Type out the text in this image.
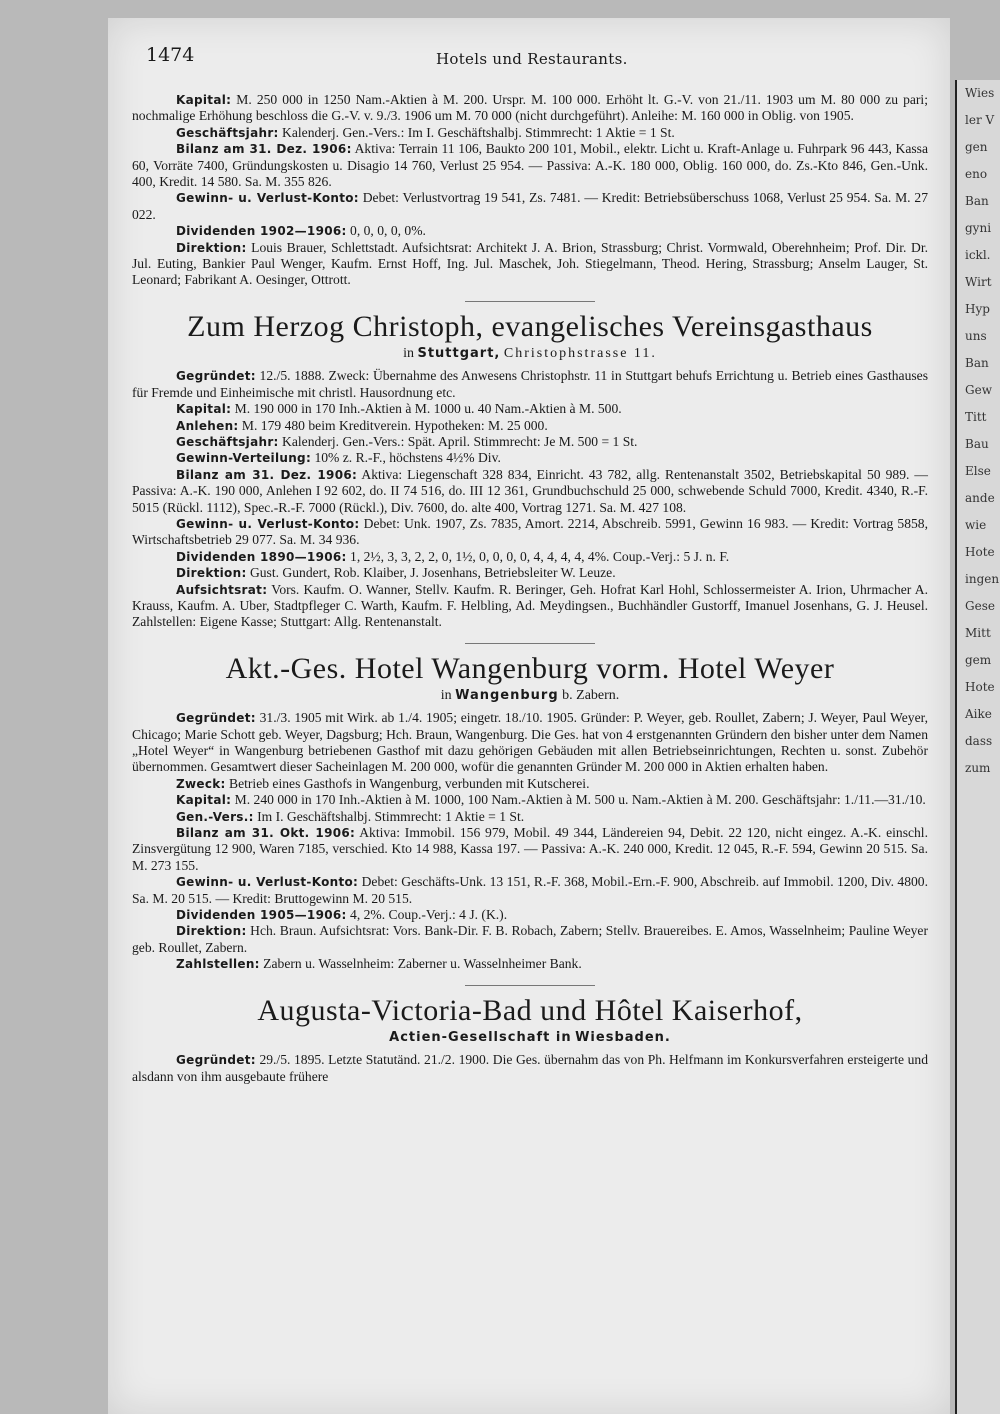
Wies
ler V
gen
eno
Ban
gyni
ickl.
Wirt
Hyp
uns
Ban
Gew
Titt
Bau
Else
ande
wie
Hote
ingen
Gese
Mitt
gem
Hote
Aike
dass
zum
1474	Hotels und Restaurants.

Kapital: M. 250 000 in 1250 Nam.-Aktien à M. 200. Urspr. M. 100 000. Erhöht lt. G.-V. von 21./11. 1903 um M. 80 000 zu pari; nochmalige Erhöhung beschloss die G.-V. v. 9./3. 1906 um M. 70 000 (nicht durchgeführt). Anleihe: M. 160 000 in Oblig. von 1905.

Geschäftsjahr: Kalenderj. Gen.-Vers.: Im I. Geschäftshalbj. Stimmrecht: 1 Aktie = 1 St.

Bilanz am 31. Dez. 1906: Aktiva: Terrain 11 106, Baukto 200 101, Mobil., elektr. Licht u. Kraft-Anlage u. Fuhrpark 96 443, Kassa 60, Vorräte 7400, Gründungskosten u. Disagio 14 760, Verlust 25 954. — Passiva: A.-K. 180 000, Oblig. 160 000, do. Zs.-Kto 846, Gen.-Unk. 400, Kredit. 14 580. Sa. M. 355 826.

Gewinn- u. Verlust-Konto: Debet: Verlustvortrag 19 541, Zs. 7481. — Kredit: Betriebsüberschuss 1068, Verlust 25 954. Sa. M. 27 022.

Dividenden 1902—1906: 0, 0, 0, 0, 0%.

Direktion: Louis Brauer, Schlettstadt. Aufsichtsrat: Architekt J. A. Brion, Strassburg; Christ. Vormwald, Oberehnheim; Prof. Dir. Dr. Jul. Euting, Bankier Paul Wenger, Kaufm. Ernst Hoff, Ing. Jul. Maschek, Joh. Stiegelmann, Theod. Hering, Strassburg; Anselm Lauger, St. Leonard; Fabrikant A. Oesinger, Ottrott.

Zum Herzog Christoph, evangelisches Vereinsgasthaus
in Stuttgart, Christophstrasse 11.

Gegründet: 12./5. 1888. Zweck: Übernahme des Anwesens Christophstr. 11 in Stuttgart behufs Errichtung u. Betrieb eines Gasthauses für Fremde und Einheimische mit christl. Hausordnung etc.

Kapital: M. 190 000 in 170 Inh.-Aktien à M. 1000 u. 40 Nam.-Aktien à M. 500.

Anlehen: M. 179 480 beim Kreditverein. Hypotheken: M. 25 000.

Geschäftsjahr: Kalenderj. Gen.-Vers.: Spät. April. Stimmrecht: Je M. 500 = 1 St.

Gewinn-Verteilung: 10% z. R.-F., höchstens 4½% Div.

Bilanz am 31. Dez. 1906: Aktiva: Liegenschaft 328 834, Einricht. 43 782, allg. Rentenanstalt 3502, Betriebskapital 50 989. — Passiva: A.-K. 190 000, Anlehen I 92 602, do. II 74 516, do. III 12 361, Grundbuchschuld 25 000, schwebende Schuld 7000, Kredit. 4340, R.-F. 5015 (Rückl. 1112), Spec.-R.-F. 7000 (Rückl.), Div. 7600, do. alte 400, Vortrag 1271. Sa. M. 427 108.

Gewinn- u. Verlust-Konto: Debet: Unk. 1907, Zs. 7835, Amort. 2214, Abschreib. 5991, Gewinn 16 983. — Kredit: Vortrag 5858, Wirtschaftsbetrieb 29 077. Sa. M. 34 936.

Dividenden 1890—1906: 1, 2½, 3, 3, 2, 2, 0, 1½, 0, 0, 0, 0, 4, 4, 4, 4, 4%. Coup.-Verj.: 5 J. n. F.

Direktion: Gust. Gundert, Rob. Klaiber, J. Josenhans, Betriebsleiter W. Leuze.

Aufsichtsrat: Vors. Kaufm. O. Wanner, Stellv. Kaufm. R. Beringer, Geh. Hofrat Karl Hohl, Schlossermeister A. Irion, Uhrmacher A. Krauss, Kaufm. A. Uber, Stadtpfleger C. Warth, Kaufm. F. Helbling, Ad. Meydingsen., Buchhändler Gustorff, Imanuel Josenhans, G. J. Heusel. Zahlstellen: Eigene Kasse; Stuttgart: Allg. Rentenanstalt.

Akt.-Ges. Hotel Wangenburg vorm. Hotel Weyer
in Wangenburg b. Zabern.

Gegründet: 31./3. 1905 mit Wirk. ab 1./4. 1905; eingetr. 18./10. 1905. Gründer: P. Weyer, geb. Roullet, Zabern; J. Weyer, Paul Weyer, Chicago; Marie Schott geb. Weyer, Dagsburg; Hch. Braun, Wangenburg. Die Ges. hat von 4 erstgenannten Gründern den bisher unter dem Namen „Hotel Weyer“ in Wangenburg betriebenen Gasthof mit dazu gehörigen Gebäuden mit allen Betriebseinrichtungen, Rechten u. sonst. Zubehör übernommen. Gesamtwert dieser Sacheinlagen M. 200 000, wofür die genannten Gründer M. 200 000 in Aktien erhalten haben.

Zweck: Betrieb eines Gasthofs in Wangenburg, verbunden mit Kutscherei.

Kapital: M. 240 000 in 170 Inh.-Aktien à M. 1000, 100 Nam.-Aktien à M. 500 u. Nam.-Aktien à M. 200. Geschäftsjahr: 1./11.—31./10.

Gen.-Vers.: Im I. Geschäftshalbj. Stimmrecht: 1 Aktie = 1 St.

Bilanz am 31. Okt. 1906: Aktiva: Immobil. 156 979, Mobil. 49 344, Ländereien 94, Debit. 22 120, nicht eingez. A.-K. einschl. Zinsvergütung 12 900, Waren 7185, verschied. Kto 14 988, Kassa 197. — Passiva: A.-K. 240 000, Kredit. 12 045, R.-F. 594, Gewinn 20 515. Sa. M. 273 155.

Gewinn- u. Verlust-Konto: Debet: Geschäfts-Unk. 13 151, R.-F. 368, Mobil.-Ern.-F. 900, Abschreib. auf Immobil. 1200, Div. 4800. Sa. M. 20 515. — Kredit: Bruttogewinn M. 20 515.

Dividenden 1905—1906: 4, 2%. Coup.-Verj.: 4 J. (K.).

Direktion: Hch. Braun. Aufsichtsrat: Vors. Bank-Dir. F. B. Robach, Zabern; Stellv. Brauereibes. E. Amos, Wasselnheim; Pauline Weyer geb. Roullet, Zabern.

Zahlstellen: Zabern u. Wasselnheim: Zaberner u. Wasselnheimer Bank.

Augusta-Victoria-Bad und Hôtel Kaiserhof,
Actien-Gesellschaft in Wiesbaden.

Gegründet: 29./5. 1895. Letzte Statutänd. 21./2. 1900. Die Ges. übernahm das von Ph. Helfmann im Konkursverfahren ersteigerte und alsdann von ihm ausgebaute frühere
